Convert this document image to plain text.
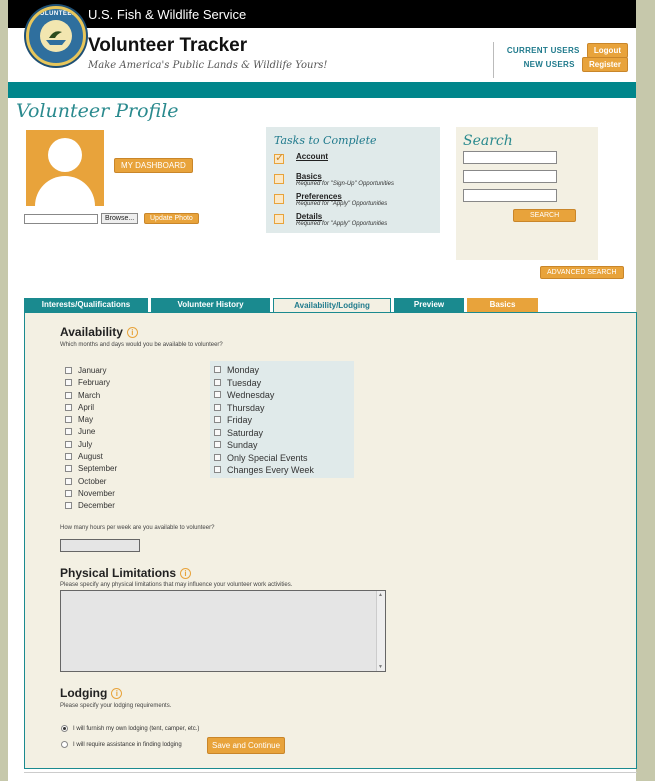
U.S. Fish & Wildlife Service
VOLUNTEER
Volunteer Tracker
Make America's Public Lands & Wildlife Yours!
CURRENT USERS Logout
NEW USERS Register
Volunteer Profile
MY DASHBOARD
Browse...	Update Photo
Tasks to Complete
✓ Account
Basics
Required for "Sign-Up" Opportunities
Preferences
Required for "Apply" Opportunities
Details
Required for "Apply" Opportunities
Search
SEARCH
ADVANCED SEARCH
Interests/Qualifications	Volunteer History	Availability/Lodging	Preview	Basics
Availability i
Which months and days would you be available to volunteer?
January
February
March
April
May
June
July
August
September
October
November
December
Monday
Tuesday
Wednesday
Thursday
Friday
Saturday
Sunday
Only Special Events
Changes Every Week
How many hours per week are you available to volunteer?
Physical Limitations i
Please specify any physical limitations that may influence your volunteer work activities.
▲
▼
Lodging i
Please specify your lodging requirements.
I will furnish my own lodging (tent, camper, etc.)
I will require assistance in finding lodging	Save and Continue
